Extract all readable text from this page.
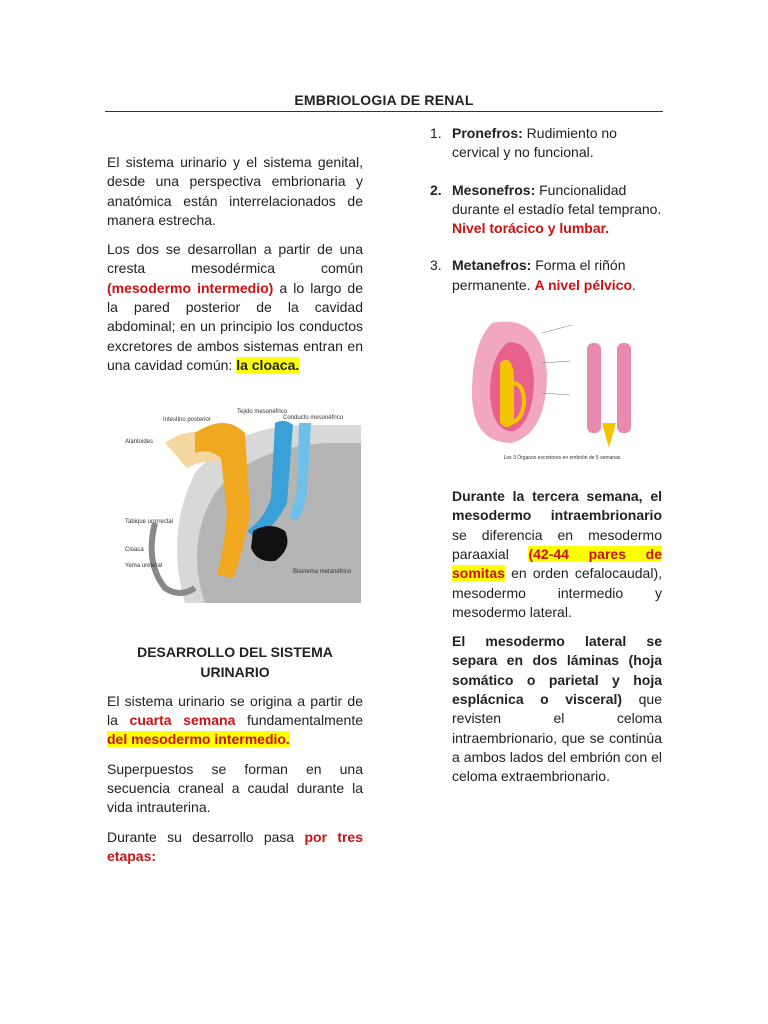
EMBRIOLOGIA DE RENAL

El sistema urinario y el sistema genital, desde una perspectiva embrionaria y anatómica están interrelacionados de manera estrecha.

Los dos se desarrollan a partir de una cresta mesodérmica común (mesodermo intermedio) a lo largo de la pared posterior de la cavidad abdominal; en un principio los conductos excretores de ambos sistemas entran en una cavidad común: la cloaca.

Intestino posterior
Tejido mesonéfrico
Conducto mesonéfrico
Alantoides
Tabique urorrectal
Cloaca
Yema ureteral
Blastema metanéfrico

DESARROLLO DEL SISTEMA URINARIO

El sistema urinario se origina a partir de la cuarta semana fundamentalmente del mesodermo intermedio.

Superpuestos se forman en una secuencia craneal a caudal durante la vida intrauterina.

Durante su desarrollo pasa por tres etapas:

1. Pronefros: Rudimiento no cervical y no funcional.
2. Mesonefros: Funcionalidad durante el estadío fetal temprano. Nivel torácico y lumbar.
3. Metanefros: Forma el riñón permanente. A nivel pélvico.
Los 3 Órganos excretores en embrión de 5 semanas

Durante la tercera semana, el mesodermo intraembrionario se diferencia en mesodermo paraaxial (42-44 pares de somitas en orden cefalocaudal), mesodermo intermedio y mesodermo lateral.

El mesodermo lateral se separa en dos láminas (hoja somático o parietal y hoja esplácnica o visceral) que revisten el celoma intraembrionario, que se continúa a ambos lados del embrión con el celoma extraembrionario.
